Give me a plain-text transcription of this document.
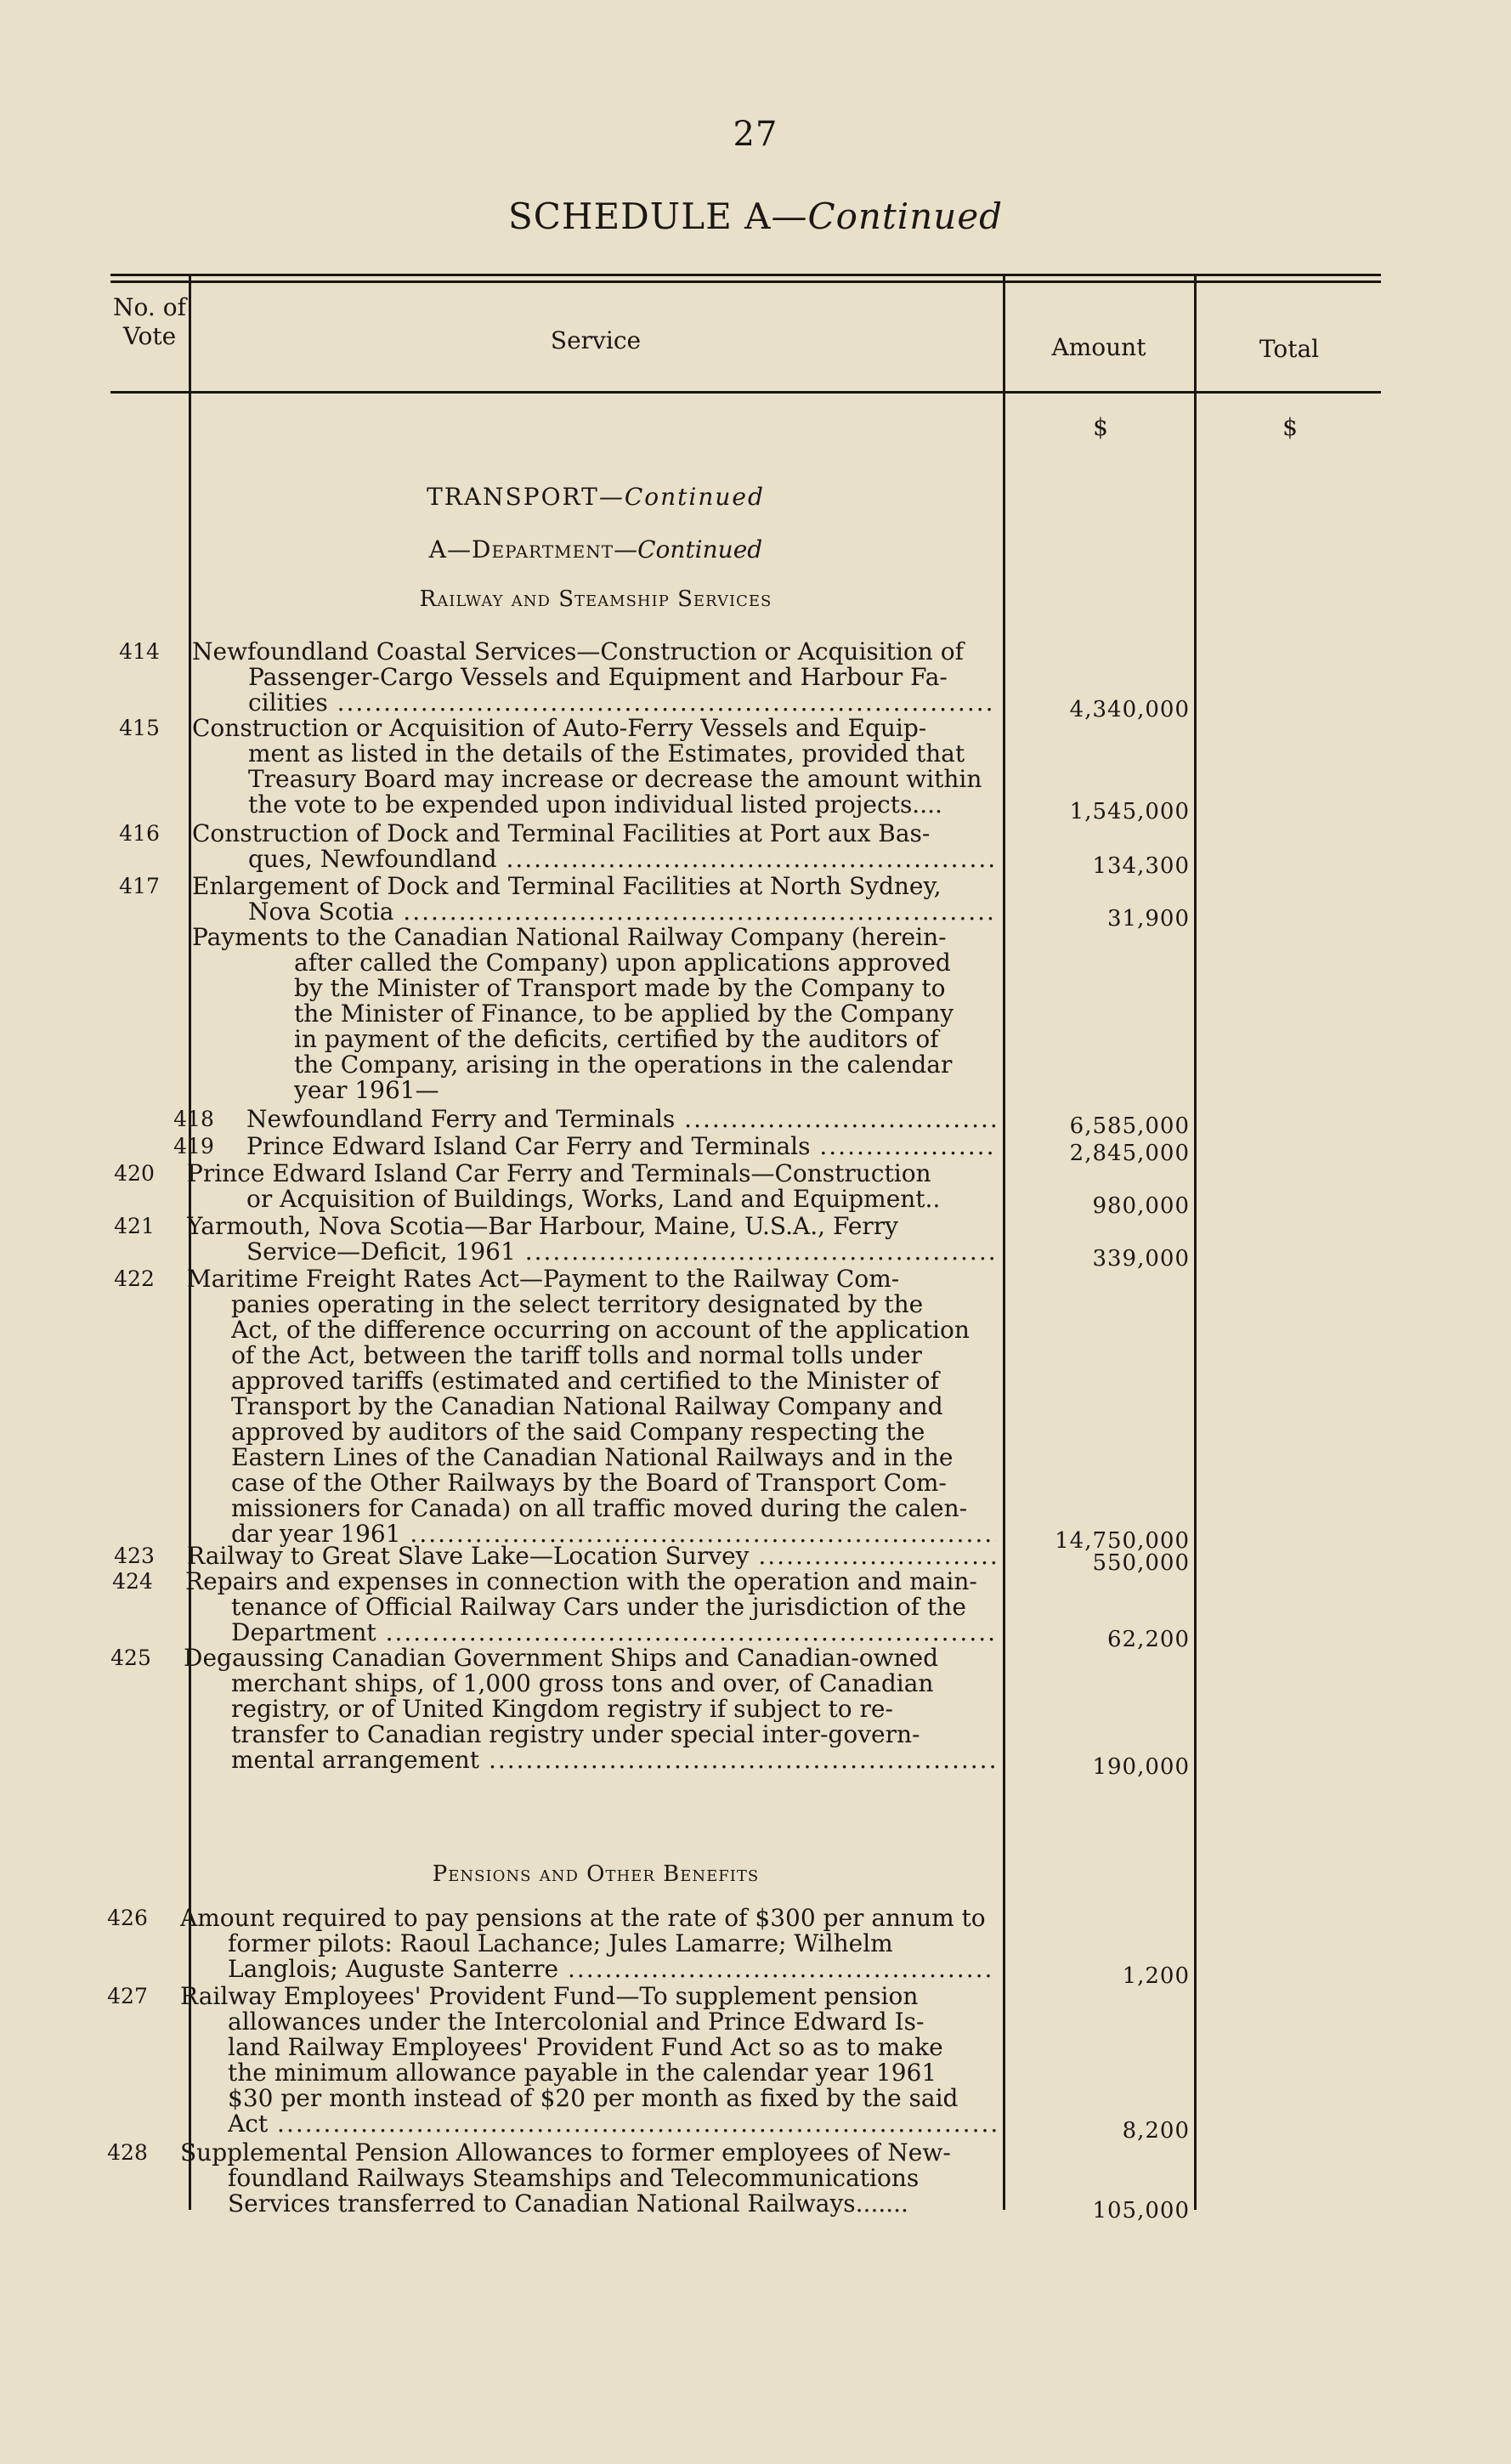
27
SCHEDULE A—Continued
No. of Vote	Service	Amount	Total
$	$
TRANSPORT—Continued
A—Department—Continued
Railway and Steamship Services
Pensions and Other Benefits
414 Newfoundland Coastal Services—Construction or Acquisition of
Passenger-Cargo Vessels and Equipment and Harbour Fa-
cilities .....	4,340,000
415 Construction or Acquisition of Auto-Ferry Vessels and Equip-
ment as listed in the details of the Estimates, provided that
Treasury Board may increase or decrease the amount within
the vote to be expended upon individual listed projects....	1,545,000
416 Construction of Dock and Terminal Facilities at Port aux Bas-
ques, Newfoundland .....	134,300
417 Enlargement of Dock and Terminal Facilities at North Sydney,
Nova Scotia .....	31,900
Payments to the Canadian National Railway Company (herein-
after called the Company) upon applications approved
by the Minister of Transport made by the Company to
the Minister of Finance, to be applied by the Company
in payment of the deficits, certified by the auditors of
the Company, arising in the operations in the calendar
year 1961—
418 Newfoundland Ferry and Terminals .....	6,585,000
419 Prince Edward Island Car Ferry and Terminals .....	2,845,000
420 Prince Edward Island Car Ferry and Terminals—Construction
or Acquisition of Buildings, Works, Land and Equipment..	980,000
421 Yarmouth, Nova Scotia—Bar Harbour, Maine, U.S.A., Ferry
Service—Deficit, 1961 .....	339,000
422 Maritime Freight Rates Act—Payment to the Railway Com-
panies operating in the select territory designated by the
Act, of the difference occurring on account of the application
of the Act, between the tariff tolls and normal tolls under
approved tariffs (estimated and certified to the Minister of
Transport by the Canadian National Railway Company and
approved by auditors of the said Company respecting the
Eastern Lines of the Canadian National Railways and in the
case of the Other Railways by the Board of Transport Com-
missioners for Canada) on all traffic moved during the calen-
dar year 1961 .....	14,750,000
423 Railway to Great Slave Lake—Location Survey .....	550,000
424 Repairs and expenses in connection with the operation and main-
tenance of Official Railway Cars under the jurisdiction of the
Department .....	62,200
425 Degaussing Canadian Government Ships and Canadian-owned
merchant ships, of 1,000 gross tons and over, of Canadian
registry, or of United Kingdom registry if subject to re-
transfer to Canadian registry under special inter-govern-
mental arrangement .....	190,000
426 Amount required to pay pensions at the rate of $300 per annum to
former pilots: Raoul Lachance; Jules Lamarre; Wilhelm
Langlois; Auguste Santerre .....	1,200
427 Railway Employees' Provident Fund—To supplement pension
allowances under the Intercolonial and Prince Edward Is-
land Railway Employees' Provident Fund Act so as to make
the minimum allowance payable in the calendar year 1961
$30 per month instead of $20 per month as fixed by the said
Act .....	8,200
428 Supplemental Pension Allowances to former employees of New-
foundland Railways Steamships and Telecommunications
Services transferred to Canadian National Railways.......	105,000
